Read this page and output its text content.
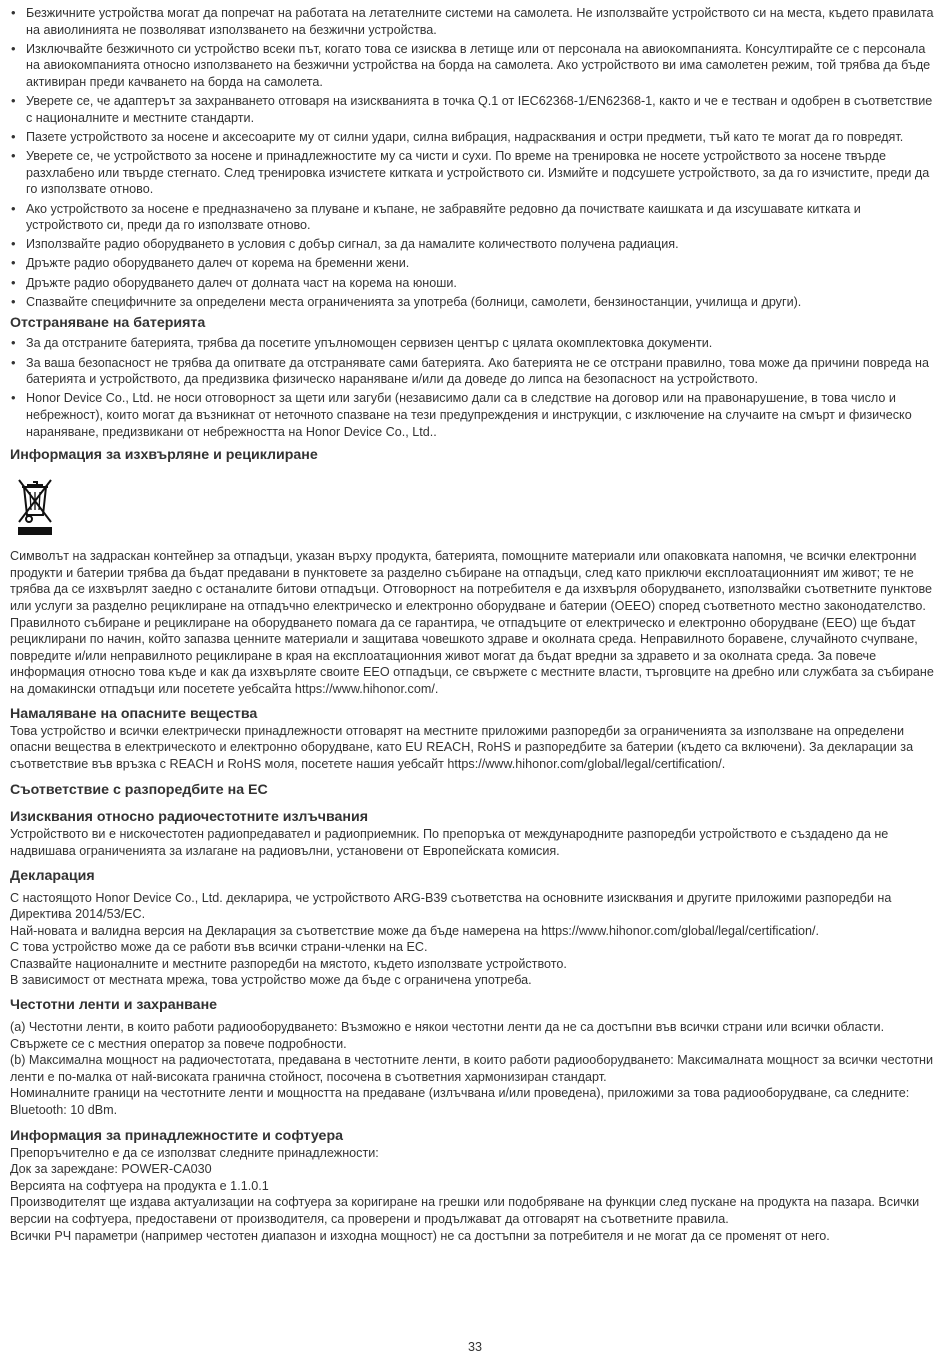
• Безжичните устройства могат да попречат на работата на летателните системи на самолета. Не използвайте устройството си на места, където правилата на авиолинията не позволяват използването на безжични устройства.
• Изключвайте безжичното си устройство всеки път, когато това се изисква в летище или от персонала на авиокомпанията. Консултирайте се с персонала на авиокомпанията относно използването на безжични устройства на борда на самолета. Ако устройството ви има самолетен режим, той трябва да бъде активиран преди качването на борда на самолета.
• Уверете се, че адаптерът за захранването отговаря на изискванията в точка Q.1 от IEC62368-1/EN62368-1, както и че е тестван и одобрен в съответствие с националните и местните стандарти.
• Пазете устройството за носене и аксесоарите му от силни удари, силна вибрация, надрасквания и остри предмети, тъй като те могат да го повредят.
• Уверете се, че устройството за носене и принадлежностите му са чисти и сухи. По време на тренировка не носете устройството за носене твърде разхлабено или твърде стегнато. След тренировка изчистете китката и устройството си. Измийте и подсушете устройството, за да го изчистите, преди да го използвате отново.
• Ако устройството за носене е предназначено за плуване и къпане, не забравяйте редовно да почиствате каишката и да изсушавате китката и устройството си, преди да го използвате отново.
• Използвайте радио оборудването в условия с добър сигнал, за да намалите количеството получена радиация.
• Дръжте радио оборудването далеч от корема на бременни жени.
• Дръжте радио оборудването далеч от долната част на корема на юноши.
• Спазвайте специфичните за определени места ограниченията за употреба (болници, самолети, бензиностанции, училища и други).
Отстраняване на батерията
• За да отстраните батерията, трябва да посетите упълномощен сервизен център с цялата окомплектовка документи.
• За ваша безопасност не трябва да опитвате да отстранявате сами батерията. Ако батерията не се отстрани правилно, това може да причини повреда на батерията и устройството, да предизвика физическо нараняване и/или да доведе до липса на безопасност на устройството.
• Honor Device Co., Ltd. не носи отговорност за щети или загуби (независимо дали са в следствие на договор или на правонарушение, в това число и небрежност), които могат да възникнат от неточното спазване на тези предупреждения и инструкции, с изключение на случаите на смърт и физическо нараняване, предизвикани от небрежността на Honor Device Co., Ltd..
Информация за изхвърляне и рециклиране

Символът на задраскан контейнер за отпадъци, указан върху продукта, батерията, помощните материали или опаковката напомня, че всички електронни продукти и батерии трябва да бъдат предавани в пунктовете за разделно събиране на отпадъци, след като приключи експлоатационният им живот; те не трябва да се изхвърлят заедно с останалите битови отпадъци. Отговорност на потребителя е да изхвърля оборудването, използвайки съответните пунктове или услуги за разделно рециклиране на отпадъчно електрическо и електронно оборудване и батерии (ОЕЕО) според съответното местно законодателство.

Правилното събиране и рециклиране на оборудването помага да се гарантира, че отпадъците от електрическо и електронно оборудване (ЕЕО) ще бъдат рециклирани по начин, който запазва ценните материали и защитава човешкото здраве и околната среда. Неправилното боравене, случайното счупване, повредите и/или неправилното рециклиране в края на експлоатационния живот могат да бъдат вредни за здравето и за околната среда. За повече информация относно това къде и как да изхвърляте своите ЕЕО отпадъци, се свържете с местните власти, търговците на дребно или службата за събиране на домакински отпадъци или посетете уебсайта https://www.hihonor.com/.

Намаляване на опасните вещества

Това устройство и всички електрически принадлежности отговарят на местните приложими разпоредби за ограниченията за използване на определени опасни вещества в електрическото и електронно оборудване, като EU REACH, RoHS и разпоредбите за батерии (където са включени). За декларации за съответствие във връзка с REACH и RoHS моля, посетете нашия уебсайт https://www.hihonor.com/global/legal/certification/.

Съответствие с разпоредбите на ЕС
Изисквания относно радиочестотните излъчвания

Устройството ви е нискочестотен радиопредавател и радиоприемник. По препоръка от международните разпоредби устройството е създадено да не надвишава ограниченията за излагане на радиовълни, установени от Европейската комисия.

Декларация

С настоящото Honor Device Co., Ltd. декларира, че устройството ARG-B39 съответства на основните изисквания и другите приложими разпоредби на Директива 2014/53/ЕС.

Най-новата и валидна версия на Декларация за съответствие може да бъде намерена на https://www.hihonor.com/global/legal/certification/.

С това устройство може да се работи във всички страни-членки на ЕС.

Спазвайте националните и местните разпоредби на мястото, където използвате устройството.

В зависимост от местната мрежа, това устройство може да бъде с ограничена употреба.

Честотни ленти и захранване

(a) Честотни ленти, в които работи радиооборудването: Възможно е някои честотни ленти да не са достъпни във всички страни или всички области. Свържете се с местния оператор за повече подробности.

(b) Максимална мощност на радиочестотата, предавана в честотните ленти, в които работи радиооборудването: Максималната мощност за всички честотни ленти е по-малка от най-високата гранична стойност, посочена в съответния хармонизиран стандарт.

Номиналните граници на честотните ленти и мощността на предаване (излъчвана и/или проведена), приложими за това радиооборудване, са следните: Bluetooth: 10 dBm.

Информация за принадлежностите и софтуера

Препоръчително е да се използват следните принадлежности:

Док за зареждане: POWER-CA030

Версията на софтуера на продукта е 1.1.0.1

Производителят ще издава актуализации на софтуера за коригиране на грешки или подобряване на функции след пускане на продукта на пазара. Всички версии на софтуера, предоставени от производителя, са проверени и продължават да отговарят на съответните правила.

Всички РЧ параметри (например честотен диапазон и изходна мощност) не са достъпни за потребителя и не могат да се променят от него.

33
